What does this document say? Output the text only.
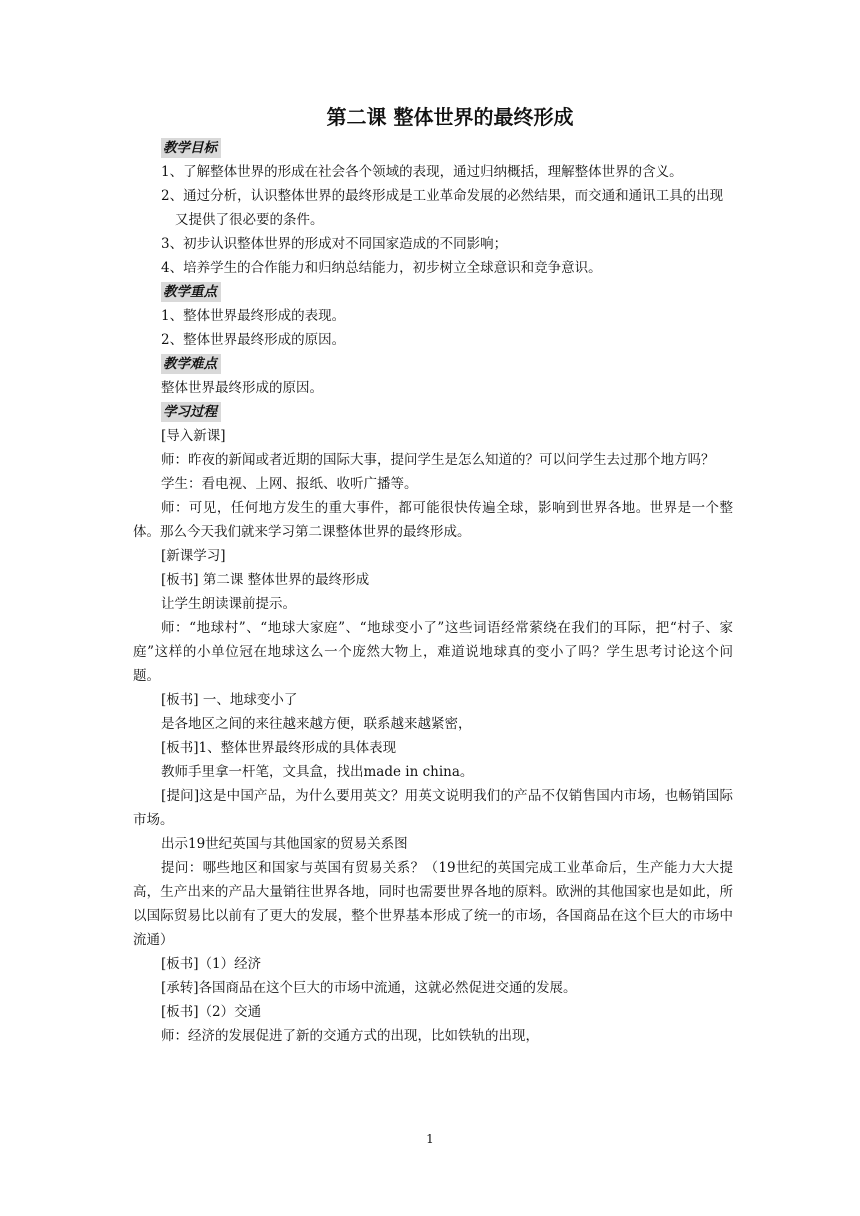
第二课 整体世界的最终形成
教学目标

1、了解整体世界的形成在社会各个领域的表现，通过归纳概括，理解整体世界的含义。

2、通过分析，认识整体世界的最终形成是工业革命发展的必然结果，而交通和通讯工具的出现又提供了很必要的条件。

3、初步认识整体世界的形成对不同国家造成的不同影响；

4、培养学生的合作能力和归纳总结能力，初步树立全球意识和竞争意识。

教学重点

1、整体世界最终形成的表现。

2、整体世界最终形成的原因。

教学难点

整体世界最终形成的原因。

学习过程

[导入新课]

师：昨夜的新闻或者近期的国际大事，提问学生是怎么知道的？可以问学生去过那个地方吗？

学生：看电视、上网、报纸、收听广播等。

师：可见，任何地方发生的重大事件，都可能很快传遍全球，影响到世界各地。世界是一个整体。那么今天我们就来学习第二课整体世界的最终形成。

[新课学习]

[板书] 第二课 整体世界的最终形成

让学生朗读课前提示。

师：“地球村”、“地球大家庭”、“地球变小了”这些词语经常萦绕在我们的耳际，把“村子、家庭”这样的小单位冠在地球这么一个庞然大物上，难道说地球真的变小了吗？学生思考讨论这个问题。

[板书] 一、地球变小了

是各地区之间的来往越来越方便，联系越来越紧密，

[板书]1、整体世界最终形成的具体表现

教师手里拿一杆笔，文具盒，找出made in china。

[提问]这是中国产品，为什么要用英文？用英文说明我们的产品不仅销售国内市场，也畅销国际市场。

出示19世纪英国与其他国家的贸易关系图

提问：哪些地区和国家与英国有贸易关系？（19世纪的英国完成工业革命后，生产能力大大提高，生产出来的产品大量销往世界各地，同时也需要世界各地的原料。欧洲的其他国家也是如此，所以国际贸易比以前有了更大的发展，整个世界基本形成了统一的市场，各国商品在这个巨大的市场中流通）

[板书]（1）经济

[承转]各国商品在这个巨大的市场中流通，这就必然促进交通的发展。

[板书]（2）交通

师：经济的发展促进了新的交通方式的出现，比如铁轨的出现，

1
